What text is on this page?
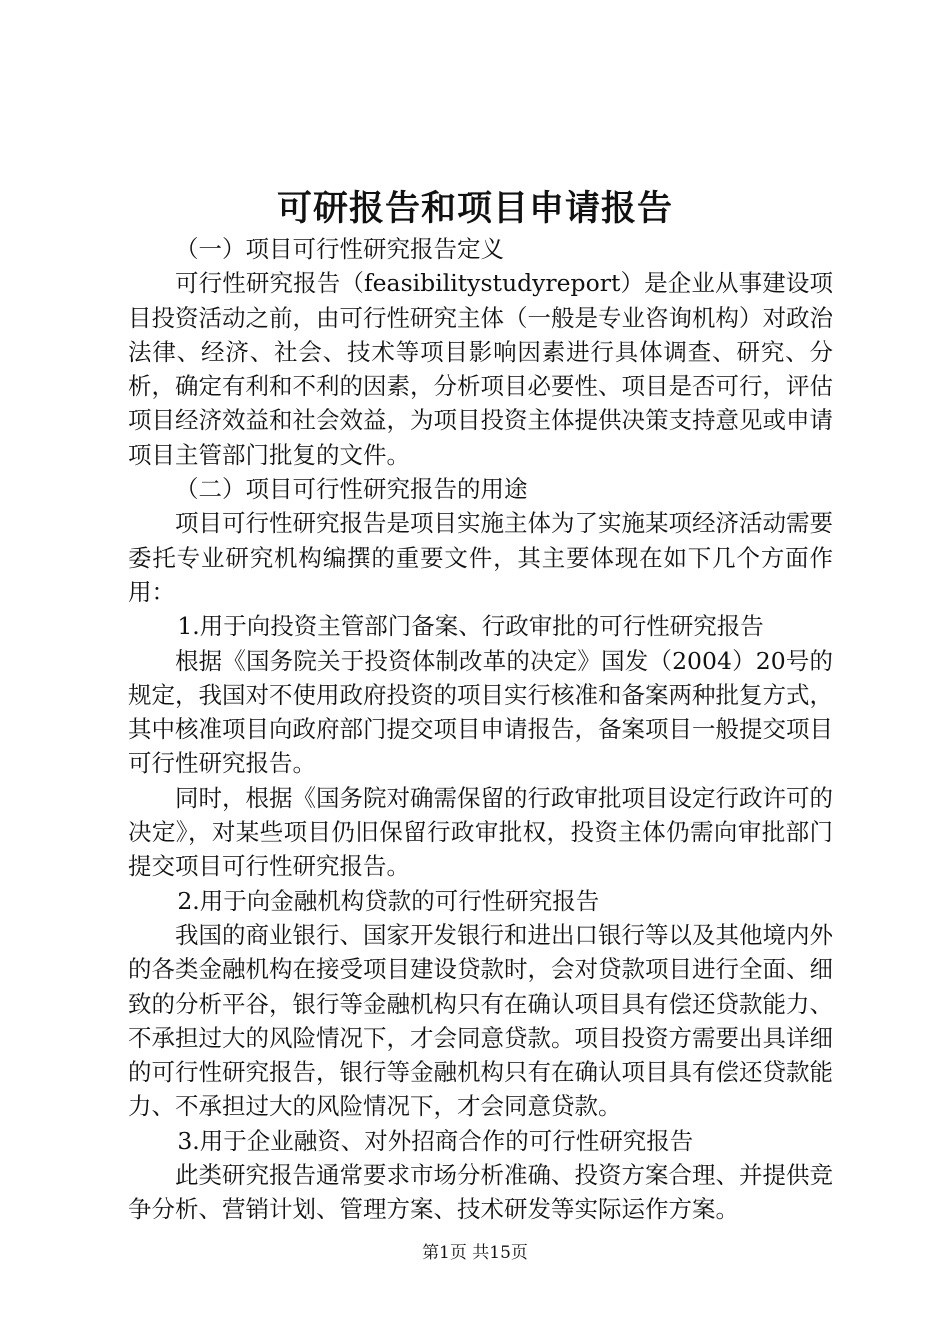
可研报告和项目申请报告

（一）项目可行性研究报告定义

可行性研究报告（feasibilitystudyreport）是企业从事建设项目投资活动之前，由可行性研究主体（一般是专业咨询机构）对政治法律、经济、社会、技术等项目影响因素进行具体调查、研究、分析，确定有利和不利的因素，分析项目必要性、项目是否可行，评估项目经济效益和社会效益，为项目投资主体提供决策支持意见或申请项目主管部门批复的文件。

（二）项目可行性研究报告的用途

项目可行性研究报告是项目实施主体为了实施某项经济活动需要委托专业研究机构编撰的重要文件，其主要体现在如下几个方面作用：

1.用于向投资主管部门备案、行政审批的可行性研究报告

根据《国务院关于投资体制改革的决定》国发（2004）20号的规定，我国对不使用政府投资的项目实行核准和备案两种批复方式，其中核准项目向政府部门提交项目申请报告，备案项目一般提交项目可行性研究报告。

同时，根据《国务院对确需保留的行政审批项目设定行政许可的决定》，对某些项目仍旧保留行政审批权，投资主体仍需向审批部门提交项目可行性研究报告。

2.用于向金融机构贷款的可行性研究报告

我国的商业银行、国家开发银行和进出口银行等以及其他境内外的各类金融机构在接受项目建设贷款时，会对贷款项目进行全面、细致的分析平谷，银行等金融机构只有在确认项目具有偿还贷款能力、不承担过大的风险情况下，才会同意贷款。项目投资方需要出具详细的可行性研究报告，银行等金融机构只有在确认项目具有偿还贷款能力、不承担过大的风险情况下，才会同意贷款。

3.用于企业融资、对外招商合作的可行性研究报告

此类研究报告通常要求市场分析准确、投资方案合理、并提供竞争分析、营销计划、管理方案、技术研发等实际运作方案。

第1页 共15页
